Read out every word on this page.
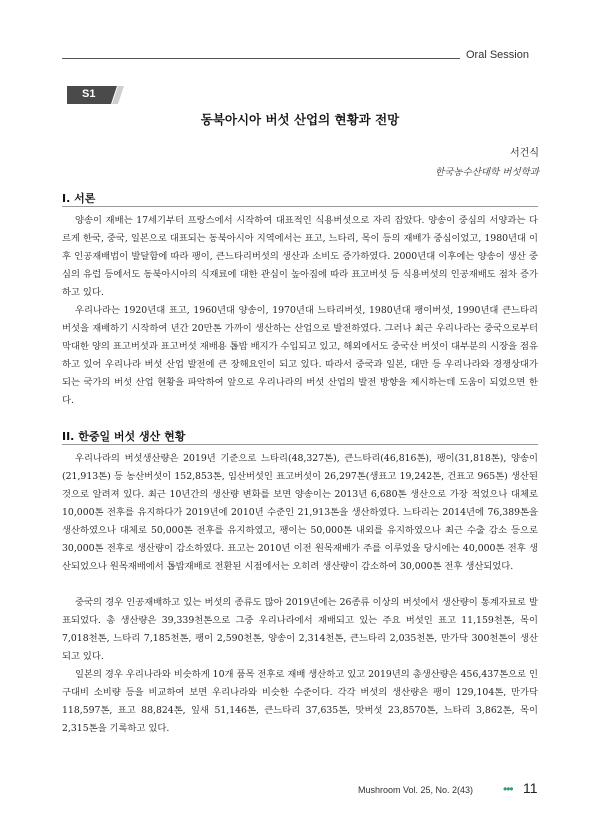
Oral Session
S1
동북아시아 버섯 산업의 현황과 전망
서건식
한국농수산대학 버섯학과
I. 서론

양송이 재배는 17세기부터 프랑스에서 시작하여 대표적인 식용버섯으로 자리 잡았다. 양송이 중심의 서양과는 다르게 한국, 중국, 일본으로 대표되는 동북아시아 지역에서는 표고, 느타리, 목이 등의 재배가 중심이었고, 1980년대 이후 인공재배법이 발달함에 따라 팽이, 큰느타리버섯의 생산과 소비도 증가하였다. 2000년대 이후에는 양송이 생산 중심의 유럽 등에서도 동북아시아의 식재료에 대한 관심이 높아짐에 따라 표고버섯 등 식용버섯의 인공재배도 점차 증가하고 있다.

우리나라는 1920년대 표고, 1960년대 양송이, 1970년대 느타리버섯, 1980년대 팽이버섯, 1990년대 큰느타리버섯을 재배하기 시작하여 년간 20만톤 가까이 생산하는 산업으로 발전하였다. 그러나 최근 우리나라는 중국으로부터 막대한 양의 표고버섯과 표고버섯 재배용 톱밥 배지가 수입되고 있고, 해외에서도 중국산 버섯이 대부분의 시장을 점유하고 있어 우리나라 버섯 산업 발전에 큰 장해요인이 되고 있다. 따라서 중국과 일본, 대만 등 우리나라와 경쟁상대가 되는 국가의 버섯 산업 현황을 파악하여 앞으로 우리나라의 버섯 산업의 발전 방향을 제시하는데 도움이 되었으면 한다.

II. 한중일 버섯 생산 현황

우리나라의 버섯생산량은 2019년 기준으로 느타리(48,327톤), 큰느타리(46,816톤), 팽이(31,818톤), 양송이(21,913톤) 등 농산버섯이 152,853톤, 임산버섯인 표고버섯이 26,297톤(생표고 19,242톤, 건표고 965톤) 생산된 것으로 알려져 있다. 최근 10년간의 생산량 변화를 보면 양송이는 2013년 6,680톤 생산으로 가장 적었으나 대체로 10,000톤 전후를 유지하다가 2019년에 2010년 수준인 21,913톤을 생산하였다. 느타리는 2014년에 76,389톤을 생산하였으나 대체로 50,000톤 전후를 유지하였고, 팽이는 50,000톤 내외를 유지하였으나 최근 수출 감소 등으로 30,000톤 전후로 생산량이 감소하였다. 표고는 2010년 이전 원목재배가 주를 이루었을 당시에는 40,000톤 전후 생산되었으나 원목재배에서 톱밥재배로 전환된 시점에서는 오히려 생산량이 감소하여 30,000톤 전후 생산되었다.

중국의 경우 인공재배하고 있는 버섯의 종류도 많아 2019년에는 26종류 이상의 버섯에서 생산량이 통계자료로 발표되었다. 총 생산량은 39,339천톤으로 그중 우리나라에서 재배되고 있는 주요 버섯인 표고 11,159천톤, 목이 7,018천톤, 느타리 7,185천톤, 팽이 2,590천톤, 양송이 2,314천톤, 큰느타리 2,035천톤, 만가닥 300천톤이 생산되고 있다.

일본의 경우 우리나라와 비슷하게 10개 품목 전후로 재배 생산하고 있고 2019년의 총생산량은 456,437톤으로 인구대비 소비량 등을 비교하여 보면 우리나라와 비슷한 수준이다. 각각 버섯의 생산량은 팽이 129,104톤, 만가닥 118,597톤, 표고 88,824톤, 잎새 51,146톤, 큰느타리 37,635톤, 맛버섯 23,8570톤, 느타리 3,862톤, 목이 2,315톤을 기록하고 있다.

Mushroom Vol. 25, No. 2(43) ••• 11
